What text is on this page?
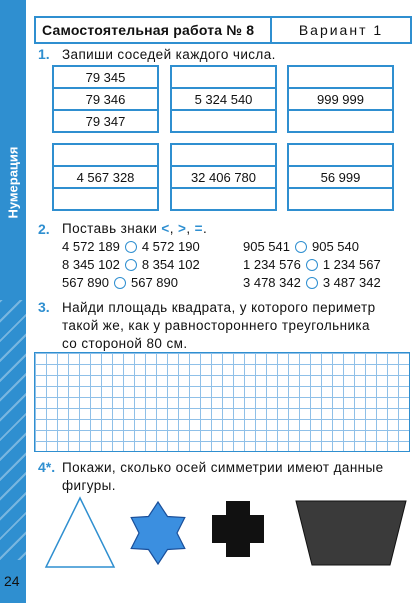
Нумерация
Самостоятельная работа № 8	Вариант 1
1. Запиши соседей каждого числа.
79 345
79 346
79 347
5 324 540	999 999
4 567 328	32 406 780	56 999
2. Поставь знаки <, >, =.
4 572 189 4 572 190
8 345 102 8 354 102
567 890 567 890
905 541 905 540
1 234 576 1 234 567
3 478 342 3 487 342
3. Найди площадь квадрата, у которого периметр
такой же, как у равностороннего треугольника
со стороной 80 см.
4*. Покажи, сколько осей симметрии имеют данные
фигуры.
24
